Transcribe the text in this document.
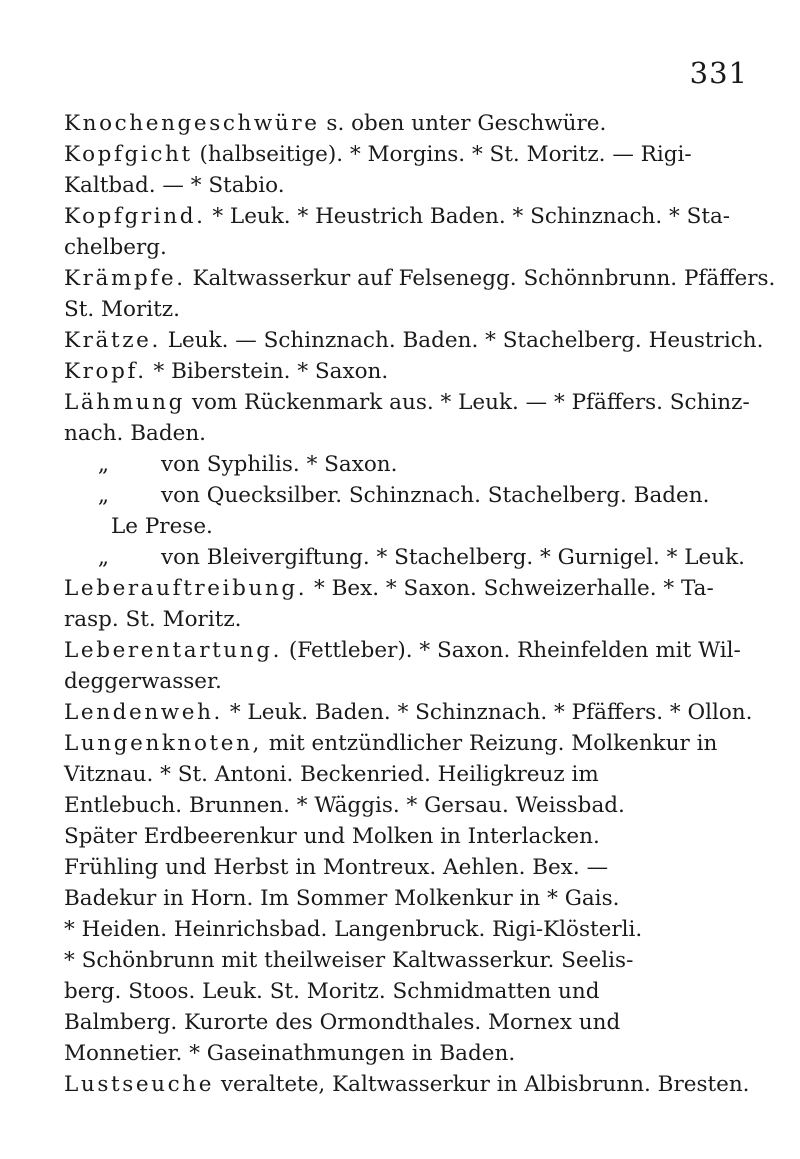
331

Knochengeschwüre s. oben unter Geschwüre.

Kopfgicht (halbseitige). * Morgins. * St. Moritz. — Rigi-
Kaltbad. — * Stabio.

Kopfgrind. * Leuk. * Heustrich Baden. * Schinznach. * Sta-
chelberg.

Krämpfe. Kaltwasserkur auf Felsenegg. Schönnbrunn. Pfäffers.
St. Moritz.

Krätze. Leuk. — Schinznach. Baden. * Stachelberg. Heustrich.

Kropf. * Biberstein. * Saxon.

Lähmung vom Rückenmark aus. * Leuk. — * Pfäffers. Schinz-
nach. Baden.

„ von Syphilis. * Saxon.

„ von Quecksilber. Schinznach. Stachelberg. Baden.
Le Prese.

„ von Bleivergiftung. * Stachelberg. * Gurnigel. * Leuk.

Leberauftreibung. * Bex. * Saxon. Schweizerhalle. * Ta-
rasp. St. Moritz.

Leberentartung. (Fettleber). * Saxon. Rheinfelden mit Wil-
deggerwasser.

Lendenweh. * Leuk. Baden. * Schinznach. * Pfäffers. * Ollon.

Lungenknoten, mit entzündlicher Reizung. Molkenkur in
Vitznau. * St. Antoni. Beckenried. Heiligkreuz im
Entlebuch. Brunnen. * Wäggis. * Gersau. Weissbad.
Später Erdbeerenkur und Molken in Interlacken.
Frühling und Herbst in Montreux. Aehlen. Bex. —
Badekur in Horn. Im Sommer Molkenkur in * Gais.
* Heiden. Heinrichsbad. Langenbruck. Rigi-Klösterli.
* Schönbrunn mit theilweiser Kaltwasserkur. Seelis-
berg. Stoos. Leuk. St. Moritz. Schmidmatten und
Balmberg. Kurorte des Ormondthales. Mornex und
Monnetier. * Gaseinathmungen in Baden.

Lustseuche veraltete, Kaltwasserkur in Albisbrunn. Bresten.
